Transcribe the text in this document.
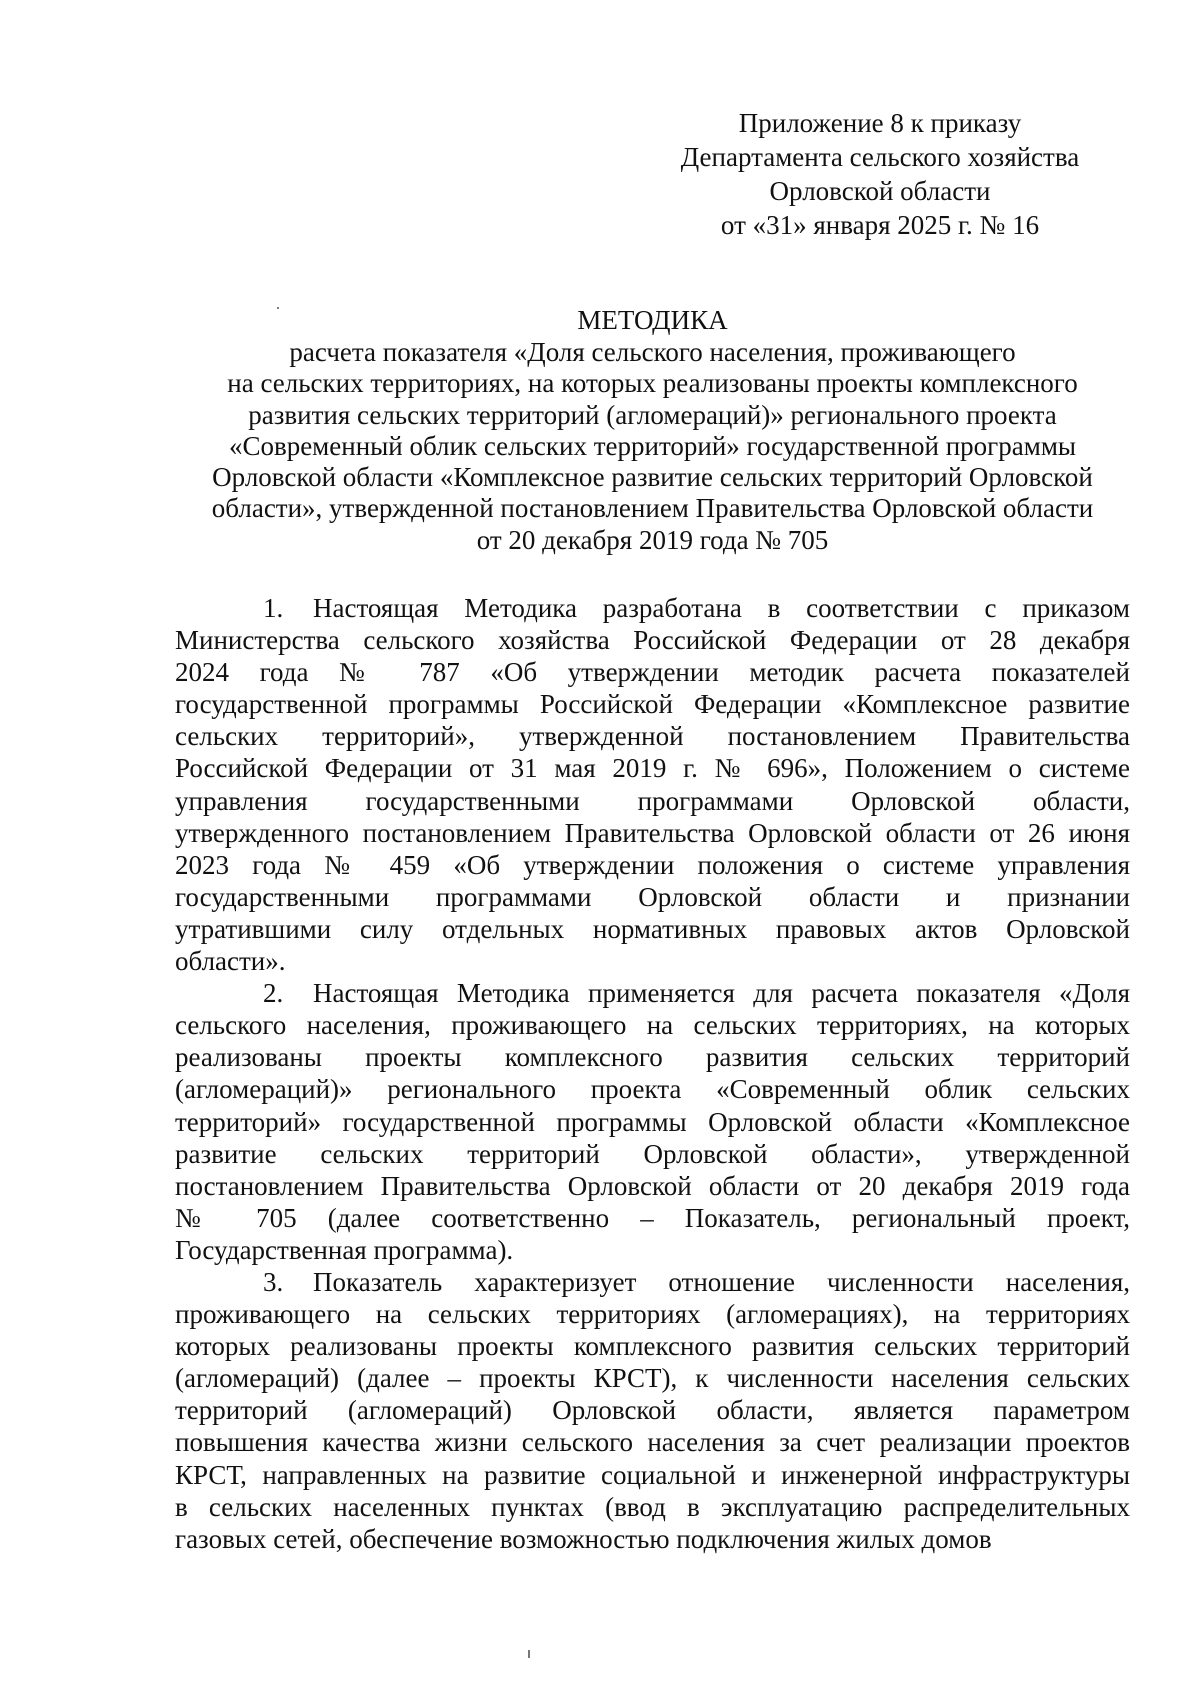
Приложение 8 к приказу
Департамента сельского хозяйства
Орловской области
от «31» января 2025 г. № 16
МЕТОДИКА
расчета показателя «Доля сельского населения, проживающего
на сельских территориях, на которых реализованы проекты комплексного
развития сельских территорий (агломераций)» регионального проекта
«Современный облик сельских территорий» государственной программы
Орловской области «Комплексное развитие сельских территорий Орловской
области», утвержденной постановлением Правительства Орловской области
от 20 декабря 2019 года № 705
1. Настоящая Методика разработана в соответствии с приказом
Министерства сельского хозяйства Российской Федерации от 28 декабря
2024 года № 787 «Об утверждении методик расчета показателей
государственной программы Российской Федерации «Комплексное развитие
сельских территорий», утвержденной постановлением Правительства
Российской Федерации от 31 мая 2019 г. № 696», Положением о системе
управления государственными программами Орловской области,
утвержденного постановлением Правительства Орловской области от 26 июня
2023 года № 459 «Об утверждении положения о системе управления
государственными программами Орловской области и признании
утратившими силу отдельных нормативных правовых актов Орловской
области».
2. Настоящая Методика применяется для расчета показателя «Доля
сельского населения, проживающего на сельских территориях, на которых
реализованы проекты комплексного развития сельских территорий
(агломераций)» регионального проекта «Современный облик сельских
территорий» государственной программы Орловской области «Комплексное
развитие сельских территорий Орловской области», утвержденной
постановлением Правительства Орловской области от 20 декабря 2019 года
№ 705 (далее соответственно – Показатель, региональный проект,
Государственная программа).
3. Показатель характеризует отношение численности населения,
проживающего на сельских территориях (агломерациях), на территориях
которых реализованы проекты комплексного развития сельских территорий
(агломераций) (далее – проекты КРСТ), к численности населения сельских
территорий (агломераций) Орловской области, является параметром
повышения качества жизни сельского населения за счет реализации проектов
КРСТ, направленных на развитие социальной и инженерной инфраструктуры
в сельских населенных пунктах (ввод в эксплуатацию распределительных
газовых сетей, обеспечение возможностью подключения жилых домов
